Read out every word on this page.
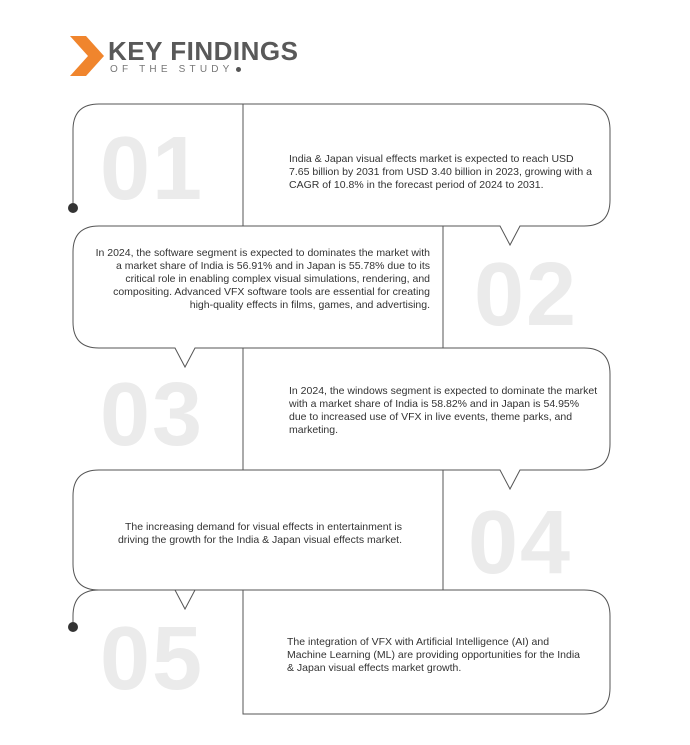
KEY FINDINGS
OF THE STUDY
01	India & Japan visual effects market is expected to reach USD 7.65 billion by 2031 from USD 3.40 billion in 2023, growing with a CAGR of 10.8% in the forecast period of 2024 to 2031.
02
In 2024, the software segment is expected to dominates the market with a market share of India is 56.91% and in Japan is 55.78% due to its critical role in enabling complex visual simulations, rendering, and compositing. Advanced VFX software tools are essential for creating high-quality effects in films, games, and advertising.
03	In 2024, the windows segment is expected to dominate the market with a market share of India is 58.82% and in Japan is 54.95% due to increased use of VFX in live events, theme parks, and marketing.
04
The increasing demand for visual effects in entertainment is driving the growth for the India & Japan visual effects market.
05	The integration of VFX with Artificial Intelligence (AI) and Machine Learning (ML) are providing opportunities for the India & Japan visual effects market growth.
